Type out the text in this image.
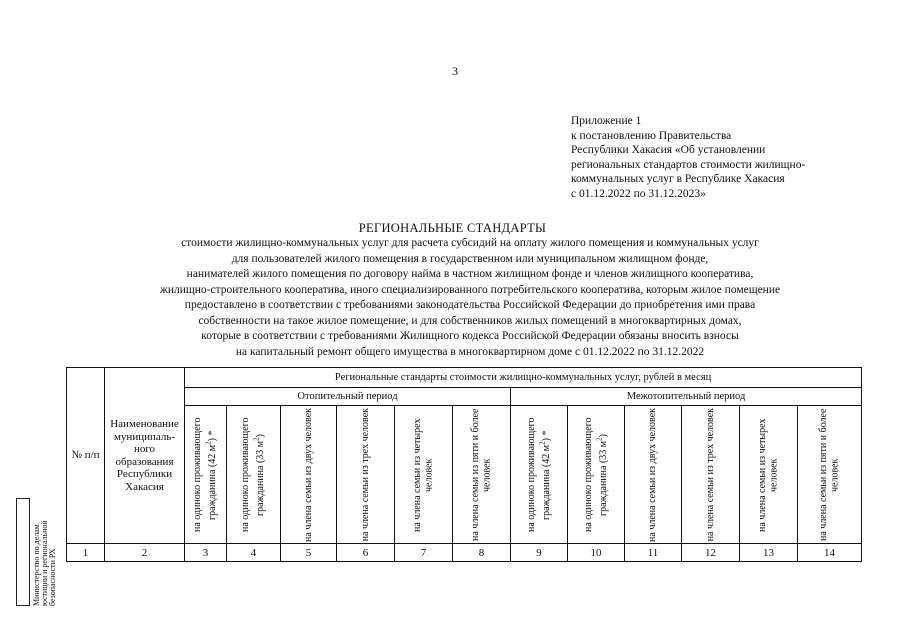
3
Приложение 1
к постановлению Правительства
Республики Хакасия «Об установлении
региональных стандартов стоимости жилищно-
коммунальных услуг в Республике Хакасия
с 01.12.2022 по 31.12.2023»
РЕГИОНАЛЬНЫЕ СТАНДАРТЫ
стоимости жилищно-коммунальных услуг для расчета субсидий на оплату жилого помещения и коммунальных услуг
для пользователей жилого помещения в государственном или муниципальном жилищном фонде,
нанимателей жилого помещения по договору найма в частном жилищном фонде и членов жилищного кооператива,
жилищно-строительного кооператива, иного специализированного потребительского кооператива, которым жилое помещение
предоставлено в соответствии с требованиями законодательства Российской Федерации до приобретения ими права
собственности на такое жилое помещение, и для собственников жилых помещений в многоквартирных домах,
которые в соответствии с требованиями Жилищного кодекса Российской Федерации обязаны вносить взносы
на капитальный ремонт общего имущества в многоквартирном доме с 01.12.2022 по 31.12.2022
Министерство по делам юстиции и региональной безопасности РХ
№ п/п	Наименование муниципаль- ного образования Республики Хакасия	Региональные стандарты стоимости жилищно-коммунальных услуг, рублей в месяц											
		Отопительный период						Межотопительный период					

		на одиноко проживающего гражданина (42 $м^2$) *	на одиноко проживающего гражданина (33 $м^2$)	на члена семьи из двух человек	на члена семьи из трех человек	на члена семьи из четырех человек	на члена семьи из пяти и более человек	на одиноко проживающего гражданина (42 $м^2$) *	на одиноко проживающего гражданина (33 $м^2$)	на члена семьи из двух человек	на члена семьи из трех человек	на члена семьи из четырех человек	на члена семьи из пяти и более человек

1	2	3	4	5	6	7	8	9	10	11	12	13	14
